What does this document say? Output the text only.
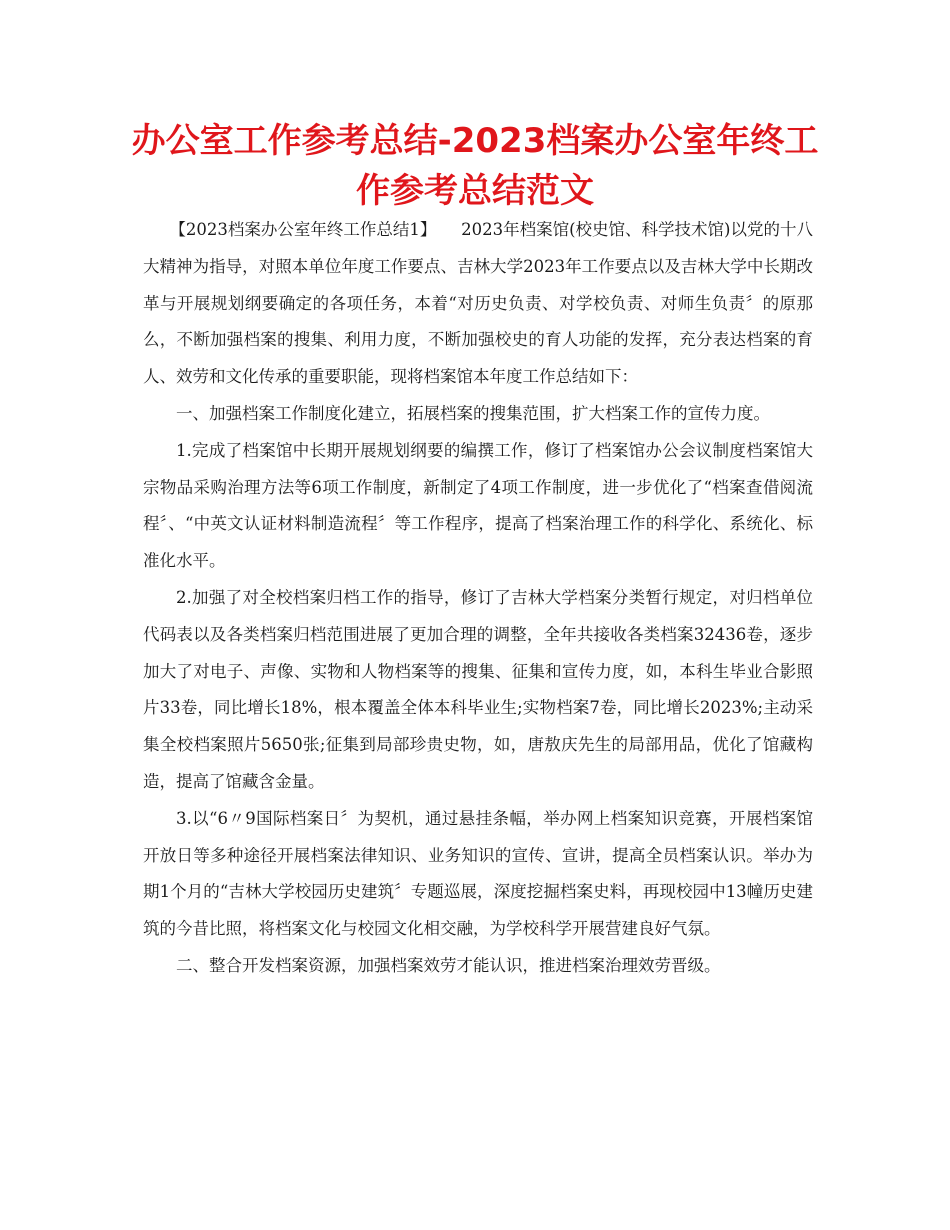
办公室工作参考总结-2023档案办公室年终工作参考总结范文

【2023档案办公室年终工作总结1】　　2023年档案馆(校史馆、科学技术馆)以党的十八大精神为指导，对照本单位年度工作要点、吉林大学2023年工作要点以及吉林大学中长期改革与开展规划纲要确定的各项任务，本着“对历史负责、对学校负责、对师生负责〞的原那么，不断加强档案的搜集、利用力度，不断加强校史的育人功能的发挥，充分表达档案的育人、效劳和文化传承的重要职能，现将档案馆本年度工作总结如下：

一、加强档案工作制度化建立，拓展档案的搜集范围，扩大档案工作的宣传力度。

1.完成了档案馆中长期开展规划纲要的编撰工作，修订了档案馆办公会议制度档案馆大宗物品采购治理方法等6项工作制度，新制定了4项工作制度，进一步优化了“档案查借阅流程〞、“中英文认证材料制造流程〞等工作程序，提高了档案治理工作的科学化、系统化、标准化水平。

2.加强了对全校档案归档工作的指导，修订了吉林大学档案分类暂行规定，对归档单位代码表以及各类档案归档范围进展了更加合理的调整，全年共接收各类档案32436卷，逐步加大了对电子、声像、实物和人物档案等的搜集、征集和宣传力度，如，本科生毕业合影照片33卷，同比增长18%，根本覆盖全体本科毕业生;实物档案7卷，同比增长2023%;主动采集全校档案照片5650张;征集到局部珍贵史物，如，唐敖庆先生的局部用品，优化了馆藏构造，提高了馆藏含金量。

3.以“6〃9国际档案日〞为契机，通过悬挂条幅，举办网上档案知识竞赛，开展档案馆开放日等多种途径开展档案法律知识、业务知识的宣传、宣讲，提高全员档案认识。举办为期1个月的“吉林大学校园历史建筑〞专题巡展，深度挖掘档案史料，再现校园中13幢历史建筑的今昔比照，将档案文化与校园文化相交融，为学校科学开展营建良好气氛。

二、整合开发档案资源，加强档案效劳才能认识，推进档案治理效劳晋级。
